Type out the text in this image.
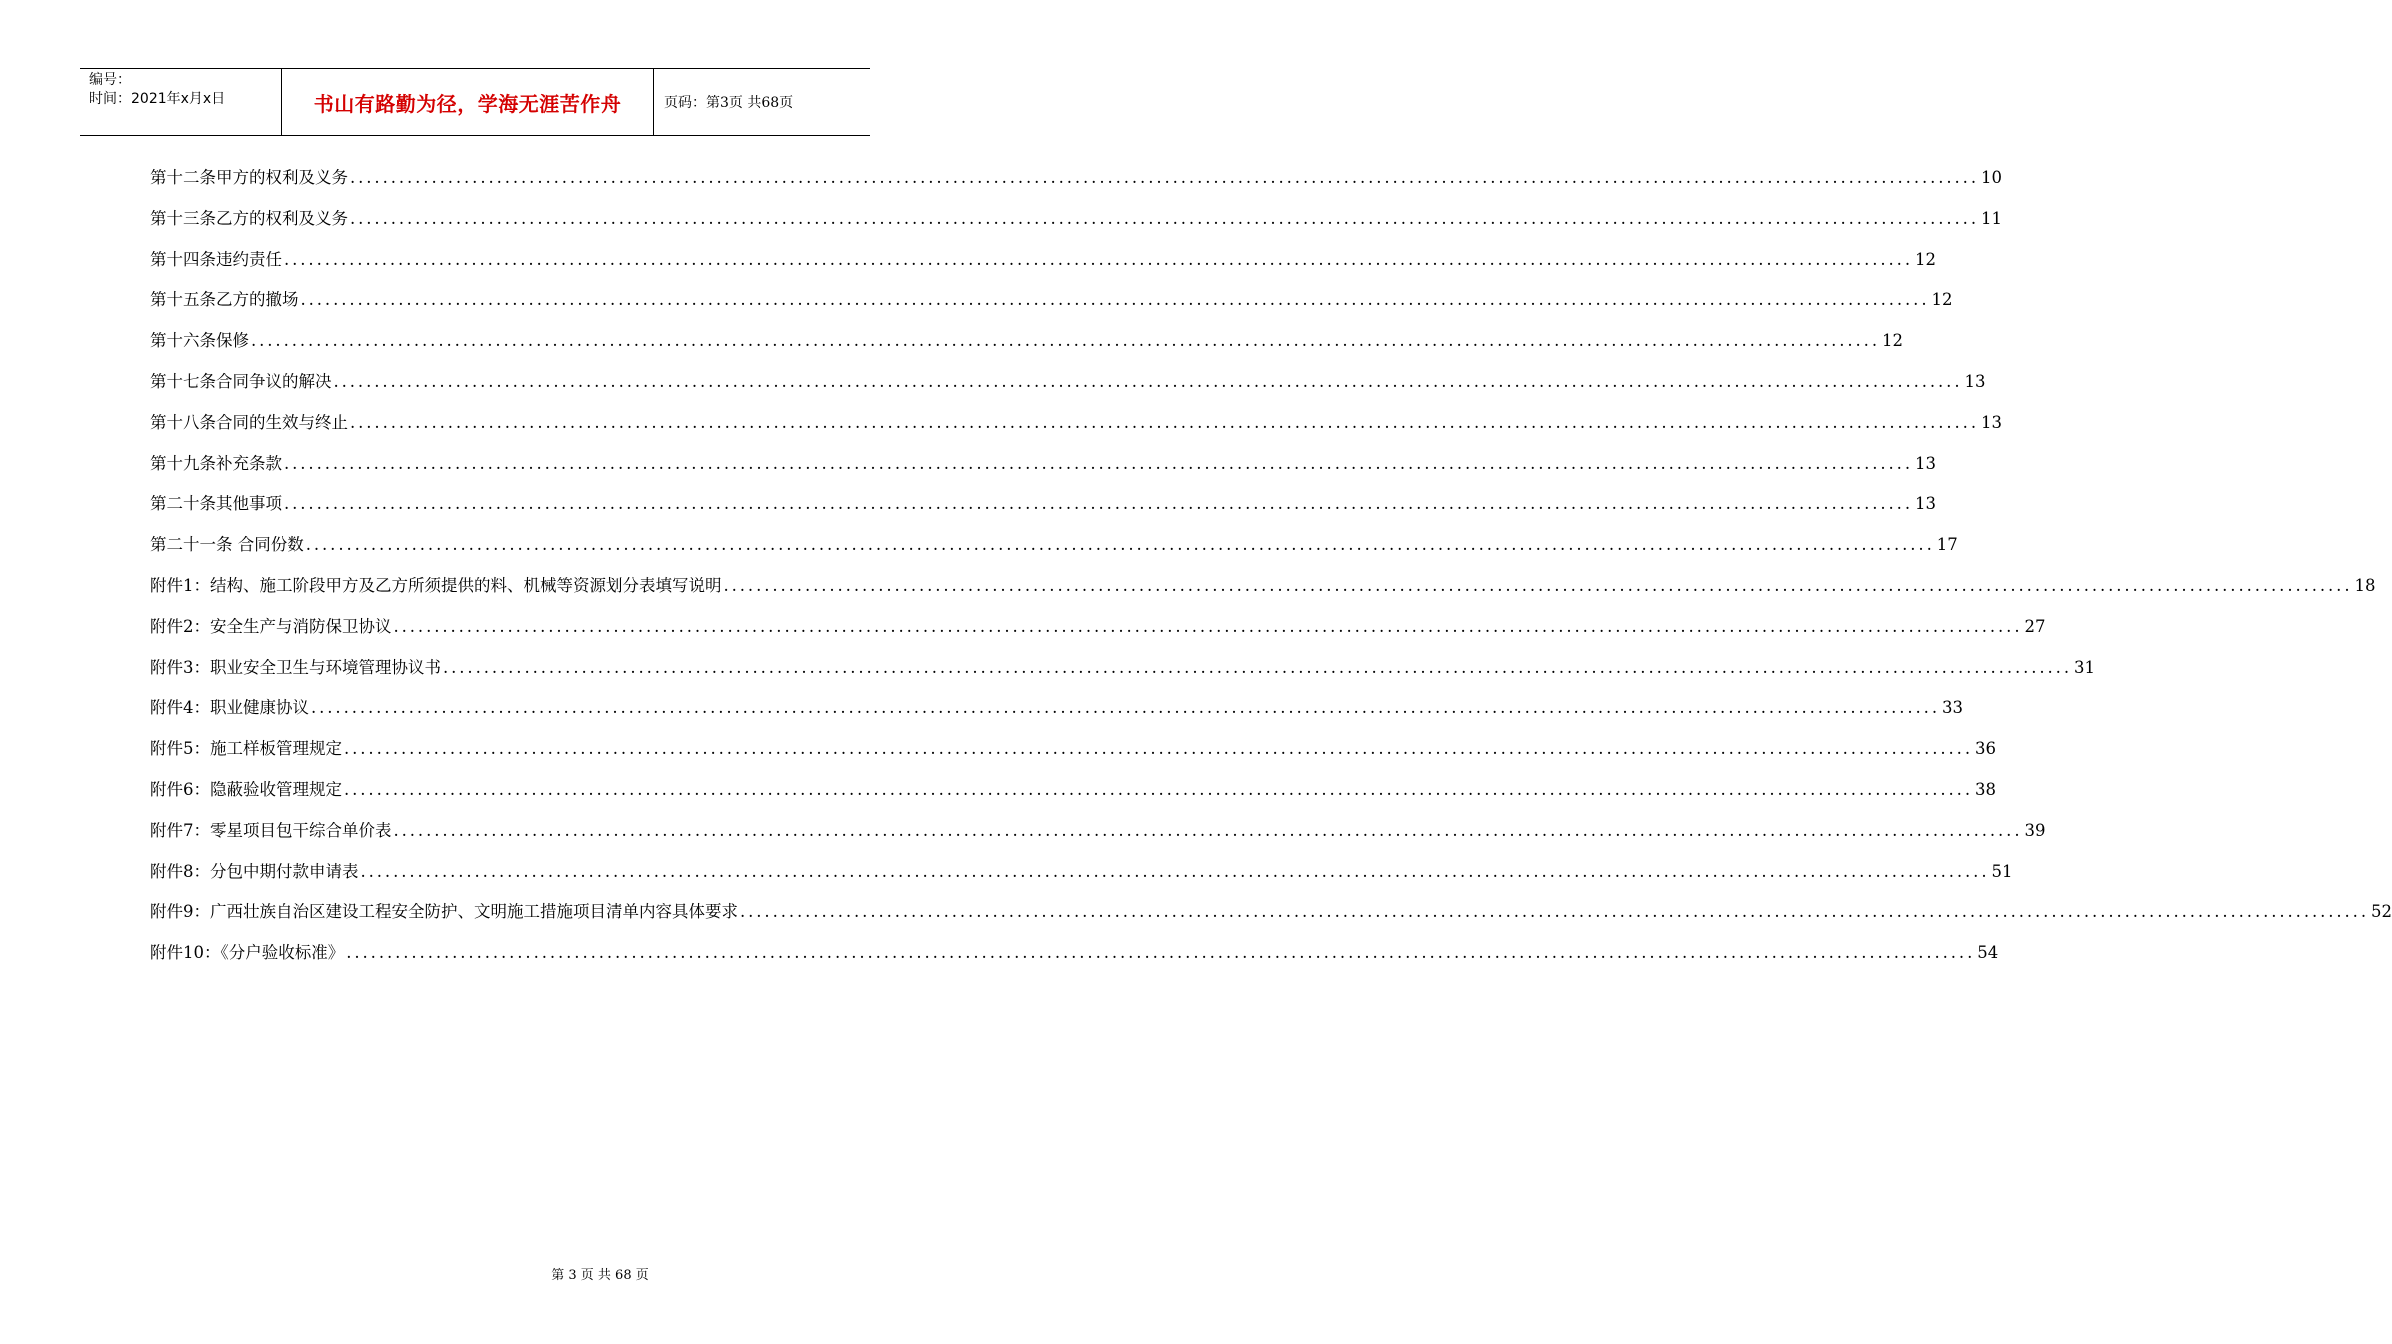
编号：
时间：2021年x月x日	书山有路勤为径，学海无涯苦作舟	页码：第3页 共68页
第十二条甲方的权利及义务 ........................................................................................................................................................................................................ 10
第十三条乙方的权利及义务 ........................................................................................................................................................................................................ 11
第十四条违约责任 ........................................................................................................................................................................................................ 12
第十五条乙方的撤场 ........................................................................................................................................................................................................ 12
第十六条保修 ........................................................................................................................................................................................................ 12
第十七条合同争议的解决 ........................................................................................................................................................................................................ 13
第十八条合同的生效与终止 ........................................................................................................................................................................................................ 13
第十九条补充条款 ........................................................................................................................................................................................................ 13
第二十条其他事项 ........................................................................................................................................................................................................ 13
第二十一条 合同份数 ........................................................................................................................................................................................................ 17
附件1：结构、施工阶段甲方及乙方所须提供的料、机械等资源划分表填写说明 ........................................................................................................................................................................................................ 18
附件2：安全生产与消防保卫协议 ........................................................................................................................................................................................................ 27
附件3：职业安全卫生与环境管理协议书 ........................................................................................................................................................................................................ 31
附件4：职业健康协议 ........................................................................................................................................................................................................ 33
附件5：施工样板管理规定 ........................................................................................................................................................................................................ 36
附件6：隐蔽验收管理规定 ........................................................................................................................................................................................................ 38
附件7：零星项目包干综合单价表 ........................................................................................................................................................................................................ 39
附件8：分包中期付款申请表 ........................................................................................................................................................................................................ 51
附件9：广西壮族自治区建设工程安全防护、文明施工措施项目清单内容具体要求 ........................................................................................................................................................................................................ 52
附件10：《分户验收标准》 ........................................................................................................................................................................................................ 54
第 3 页 共 68 页
